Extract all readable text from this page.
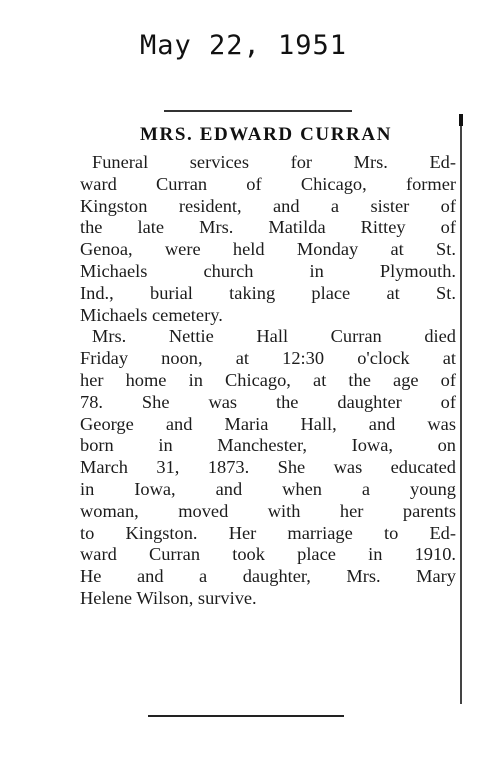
May 22, 1951
MRS. EDWARD CURRAN
Funeral services for Mrs. Ed-
ward Curran of Chicago, former
Kingston resident, and a sister of
the late Mrs. Matilda Rittey of
Genoa, were held Monday at St.
Michaels church in Plymouth.
Ind., burial taking place at St.
Michaels cemetery.
Mrs. Nettie Hall Curran died
Friday noon, at 12:30 o'clock at
her home in Chicago, at the age of
78. She was the daughter of
George and Maria Hall, and was
born in Manchester, Iowa, on
March 31, 1873. She was educated
in Iowa, and when a young
woman, moved with her parents
to Kingston. Her marriage to Ed-
ward Curran took place in 1910.
He and a daughter, Mrs. Mary
Helene Wilson, survive.
